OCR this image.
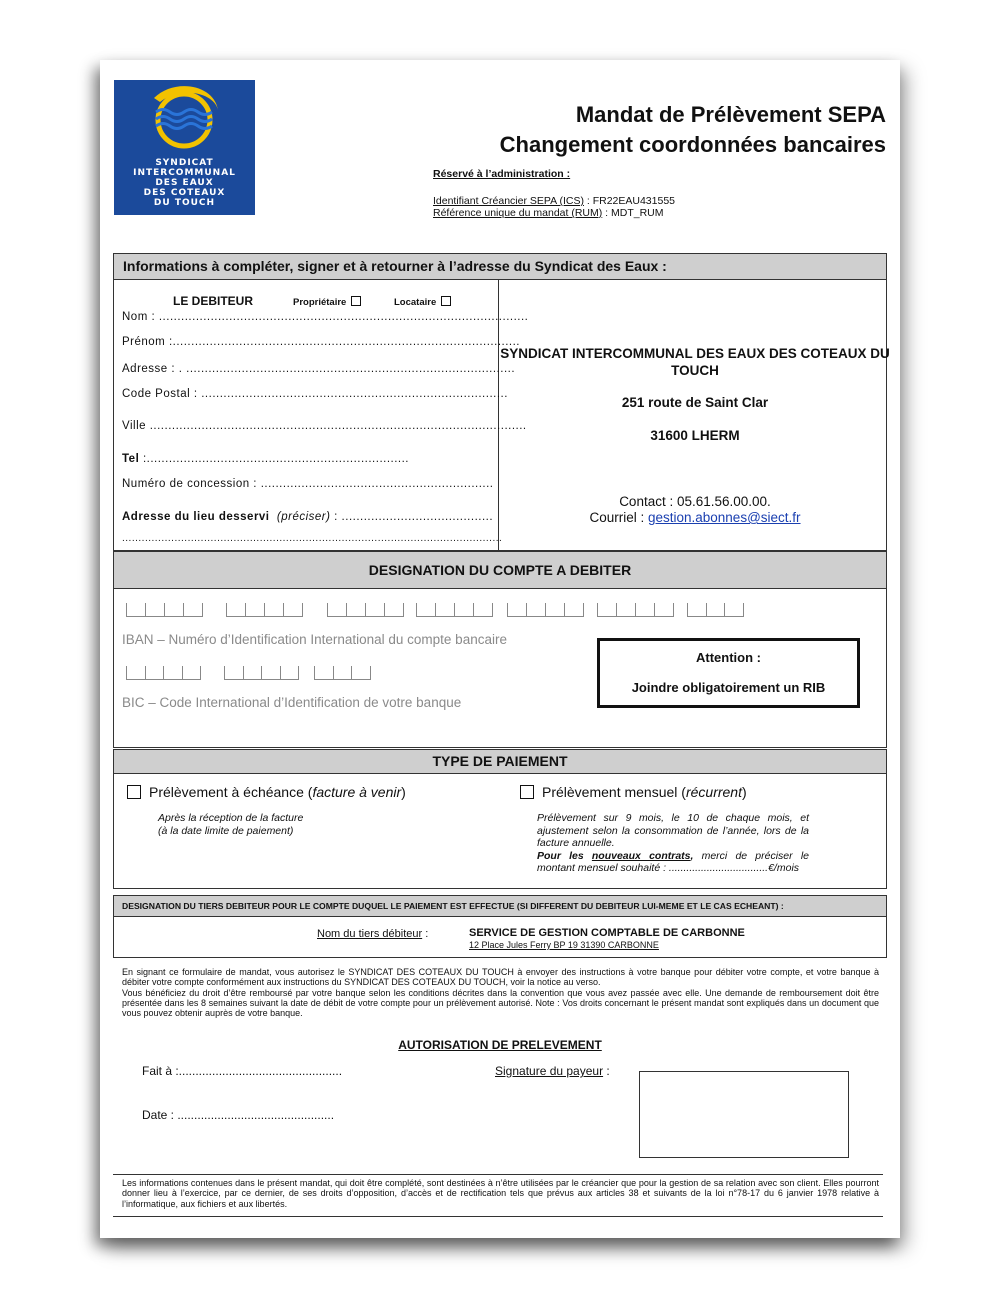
SYNDICAT
INTERCOMMUNAL
DES EAUX
DES COTEAUX
DU TOUCH
Mandat de Prélèvement SEPA
Changement coordonnées bancaires
Réservé à l’administration :
Identifiant Créancier SEPA (ICS) : FR22EAU431555
Référence unique du mandat (RUM) : MDT_RUM
Informations à compléter, signer et à retourner à l’adresse du Syndicat des Eaux :
LE DEBITEUR	Propriétaire	Locataire
Nom : ....................................................................................................
Prénom :..............................................................................................
Adresse : . .........................................................................................
Code Postal : ...................................................................................
Ville ......................................................................................................
Tel :.......................................................................
Numéro de concession : ...............................................................
Adresse du lieu desservi (préciser) : .........................................
....................................................................................................................
SYNDICAT INTERCOMMUNAL DES EAUX DES COTEAUX DU TOUCH
251 route de Saint Clar
31600 LHERM
Contact : 05.61.56.00.00.
Courriel : gestion.abonnes@siect.fr
DESIGNATION DU COMPTE A DEBITER
IBAN – Numéro d’Identification International du compte bancaire
BIC – Code International d’Identification de votre banque
Attention :
Joindre obligatoirement un RIB
TYPE DE PAIEMENT
Prélèvement à échéance (facture à venir)
Après la réception de la facture
(à la date limite de paiement)
Prélèvement mensuel (récurrent)
Prélèvement sur 9 mois, le 10 de chaque mois, et ajustement selon la consommation de l’année, lors de la facture annuelle.
Pour les nouveaux contrats, merci de préciser le montant mensuel souhaité : ..................................€/mois
DESIGNATION DU TIERS DEBITEUR POUR LE COMPTE DUQUEL LE PAIEMENT EST EFFECTUE (SI DIFFERENT DU DEBITEUR LUI-MEME ET LE CAS ECHEANT) :
Nom du tiers débiteur :	SERVICE DE GESTION COMPTABLE DE CARBONNE
12 Place Jules Ferry BP 19 31390 CARBONNE
En signant ce formulaire de mandat, vous autorisez le SYNDICAT DES COTEAUX DU TOUCH à envoyer des instructions à votre banque pour débiter votre compte, et votre banque à débiter votre compte conformément aux instructions du SYNDICAT DES COTEAUX DU TOUCH, voir la notice au verso.
Vous bénéficiez du droit d’être remboursé par votre banque selon les conditions décrites dans la convention que vous avez passée avec elle. Une demande de remboursement doit être présentée dans les 8 semaines suivant la date de débit de votre compte pour un prélèvement autorisé. Note : Vos droits concernant le présent mandat sont expliqués dans un document que vous pouvez obtenir auprès de votre banque.
AUTORISATION DE PRELEVEMENT
Fait à :.................................................	Signature du payeur :
Date : ...............................................
Les informations contenues dans le présent mandat, qui doit être complété, sont destinées à n’être utilisées par le créancier que pour la gestion de sa relation avec son client. Elles pourront donner lieu à l’exercice, par ce dernier, de ses droits d’opposition, d’accès et de rectification tels que prévus aux articles 38 et suivants de la loi n°78-17 du 6 janvier 1978 relative à l’informatique, aux fichiers et aux libertés.
